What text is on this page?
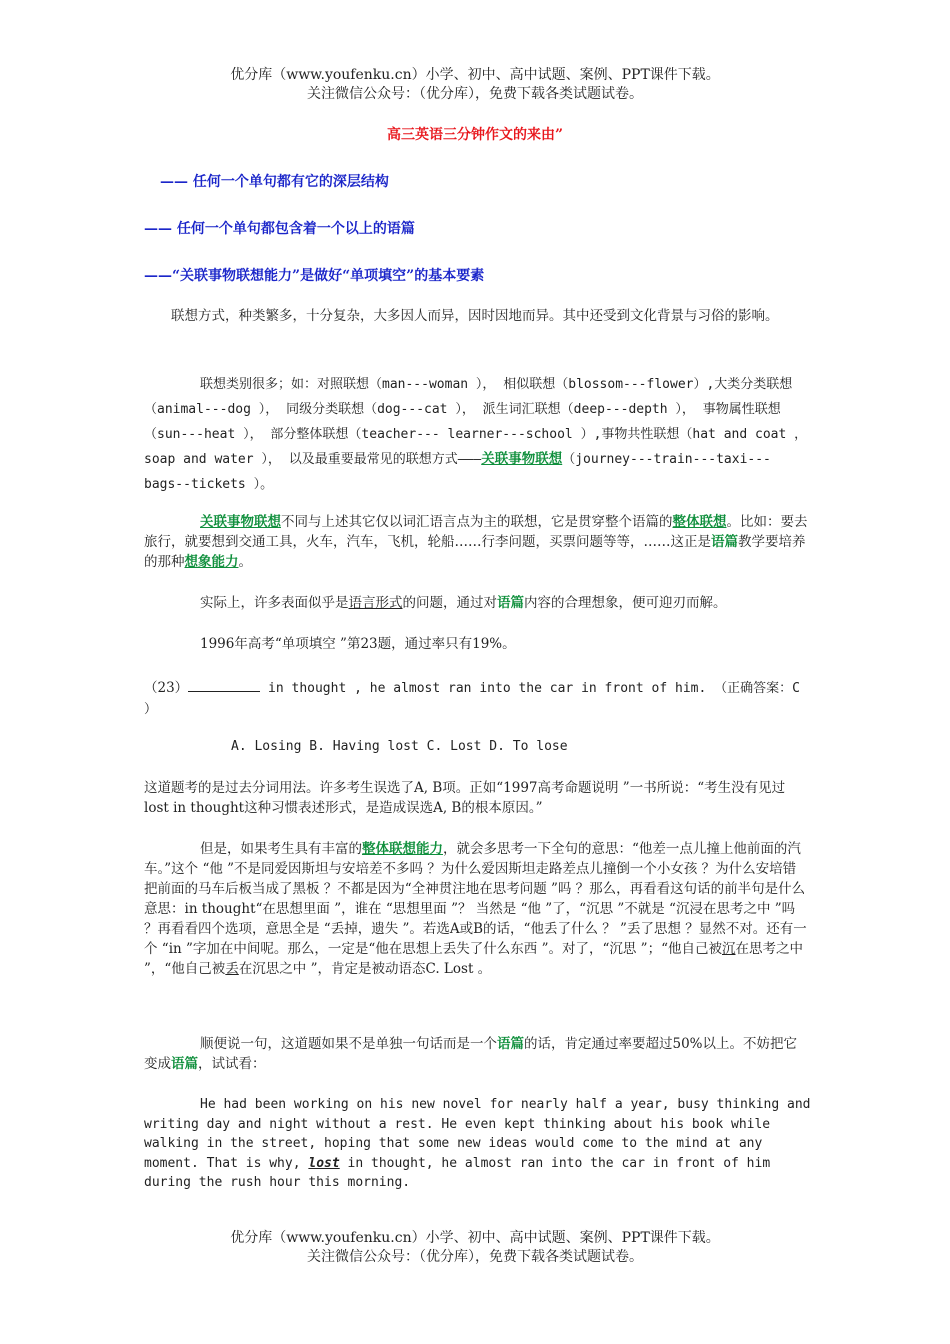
优分库（www.youfenku.cn）小学、初中、高中试题、案例、PPT课件下载。
关注微信公众号：（优分库），免费下载各类试题试卷。
高三英语三分钟作文的来由”
—— 任何一个单句都有它的深层结构
—— 任何一个单句都包含着一个以上的语篇
——“关联事物联想能力”是做好“单项填空”的基本要素
联想方式，种类繁多，十分复杂，大多因人而异，因时因地而异。其中还受到文化背景与习俗的影响。
联想类别很多；如：对照联想（man---woman ）， 相似联想（blossom---flower）,大类分类联想（animal---dog ）， 同级分类联想（dog---cat ）， 派生词汇联想（deep---depth ）， 事物属性联想（sun---heat ）， 部分整体联想（teacher--- learner---school ）,事物共性联想（hat and coat ， soap and water ）， 以及最重要最常见的联想方式———关联事物联想（journey---train---taxi---bags--tickets ）。
关联事物联想不同与上述其它仅以词汇语言点为主的联想，它是贯穿整个语篇的整体联想。比如：要去旅行，就要想到交通工具，火车，汽车，飞机，轮船……行李问题，买票问题等等，……这正是语篇教学要培养的那种想象能力。
实际上，许多表面似乎是语言形式的问题，通过对语篇内容的合理想象，便可迎刃而解。
1996年高考“单项填空 ”第23题，通过率只有19%。
（23）	in thought , he almost ran into the car in front of him. （正确答案：C ）
A. Losing B. Having lost C. Lost D. To lose
这道题考的是过去分词用法。许多考生误选了A, B项。正如“1997高考命题说明 ”一书所说：“考生没有见过lost in thought这种习惯表述形式，是造成误选A, B的根本原因。”
但是，如果考生具有丰富的整体联想能力，就会多思考一下全句的意思：“他差一点儿撞上他前面的汽车。”这个 “他 ”不是同爱因斯坦与安培差不多吗 ？为什么爱因斯坦走路差点儿撞倒一个小女孩 ？为什么安培错把前面的马车后板当成了黑板 ？不都是因为“全神贯注地在思考问题 ”吗 ？那么，再看看这句话的前半句是什么意思：in thought“在思想里面 ”，谁在 “思想里面 ”？ 当然是 “他 ”了，“沉思 ”不就是 “沉浸在思考之中 ”吗 ？再看看四个选项，意思全是 “丢掉，遗失 ”。若选A或B的话，“他丢了什么 ？ ”丢了思想 ？显然不对。还有一个 “in ”字加在中间呢。那么，一定是“他在思想上丢失了什么东西 ”。对了，“沉思 ”；“他自己被沉在思考之中 ”，“他自己被丢在沉思之中 ”，肯定是被动语态C. Lost 。
顺便说一句，这道题如果不是单独一句话而是一个语篇的话，肯定通过率要超过50%以上。不妨把它变成语篇，试试看：
He had been working on his new novel for nearly half a year, busy thinking and writing day and night without a rest. He even kept thinking about his book while walking in the street, hoping that some new ideas would come to the mind at any moment. That is why, lost in thought, he almost ran into the car in front of him during the rush hour this morning.
优分库（www.youfenku.cn）小学、初中、高中试题、案例、PPT课件下载。
关注微信公众号：（优分库），免费下载各类试题试卷。
